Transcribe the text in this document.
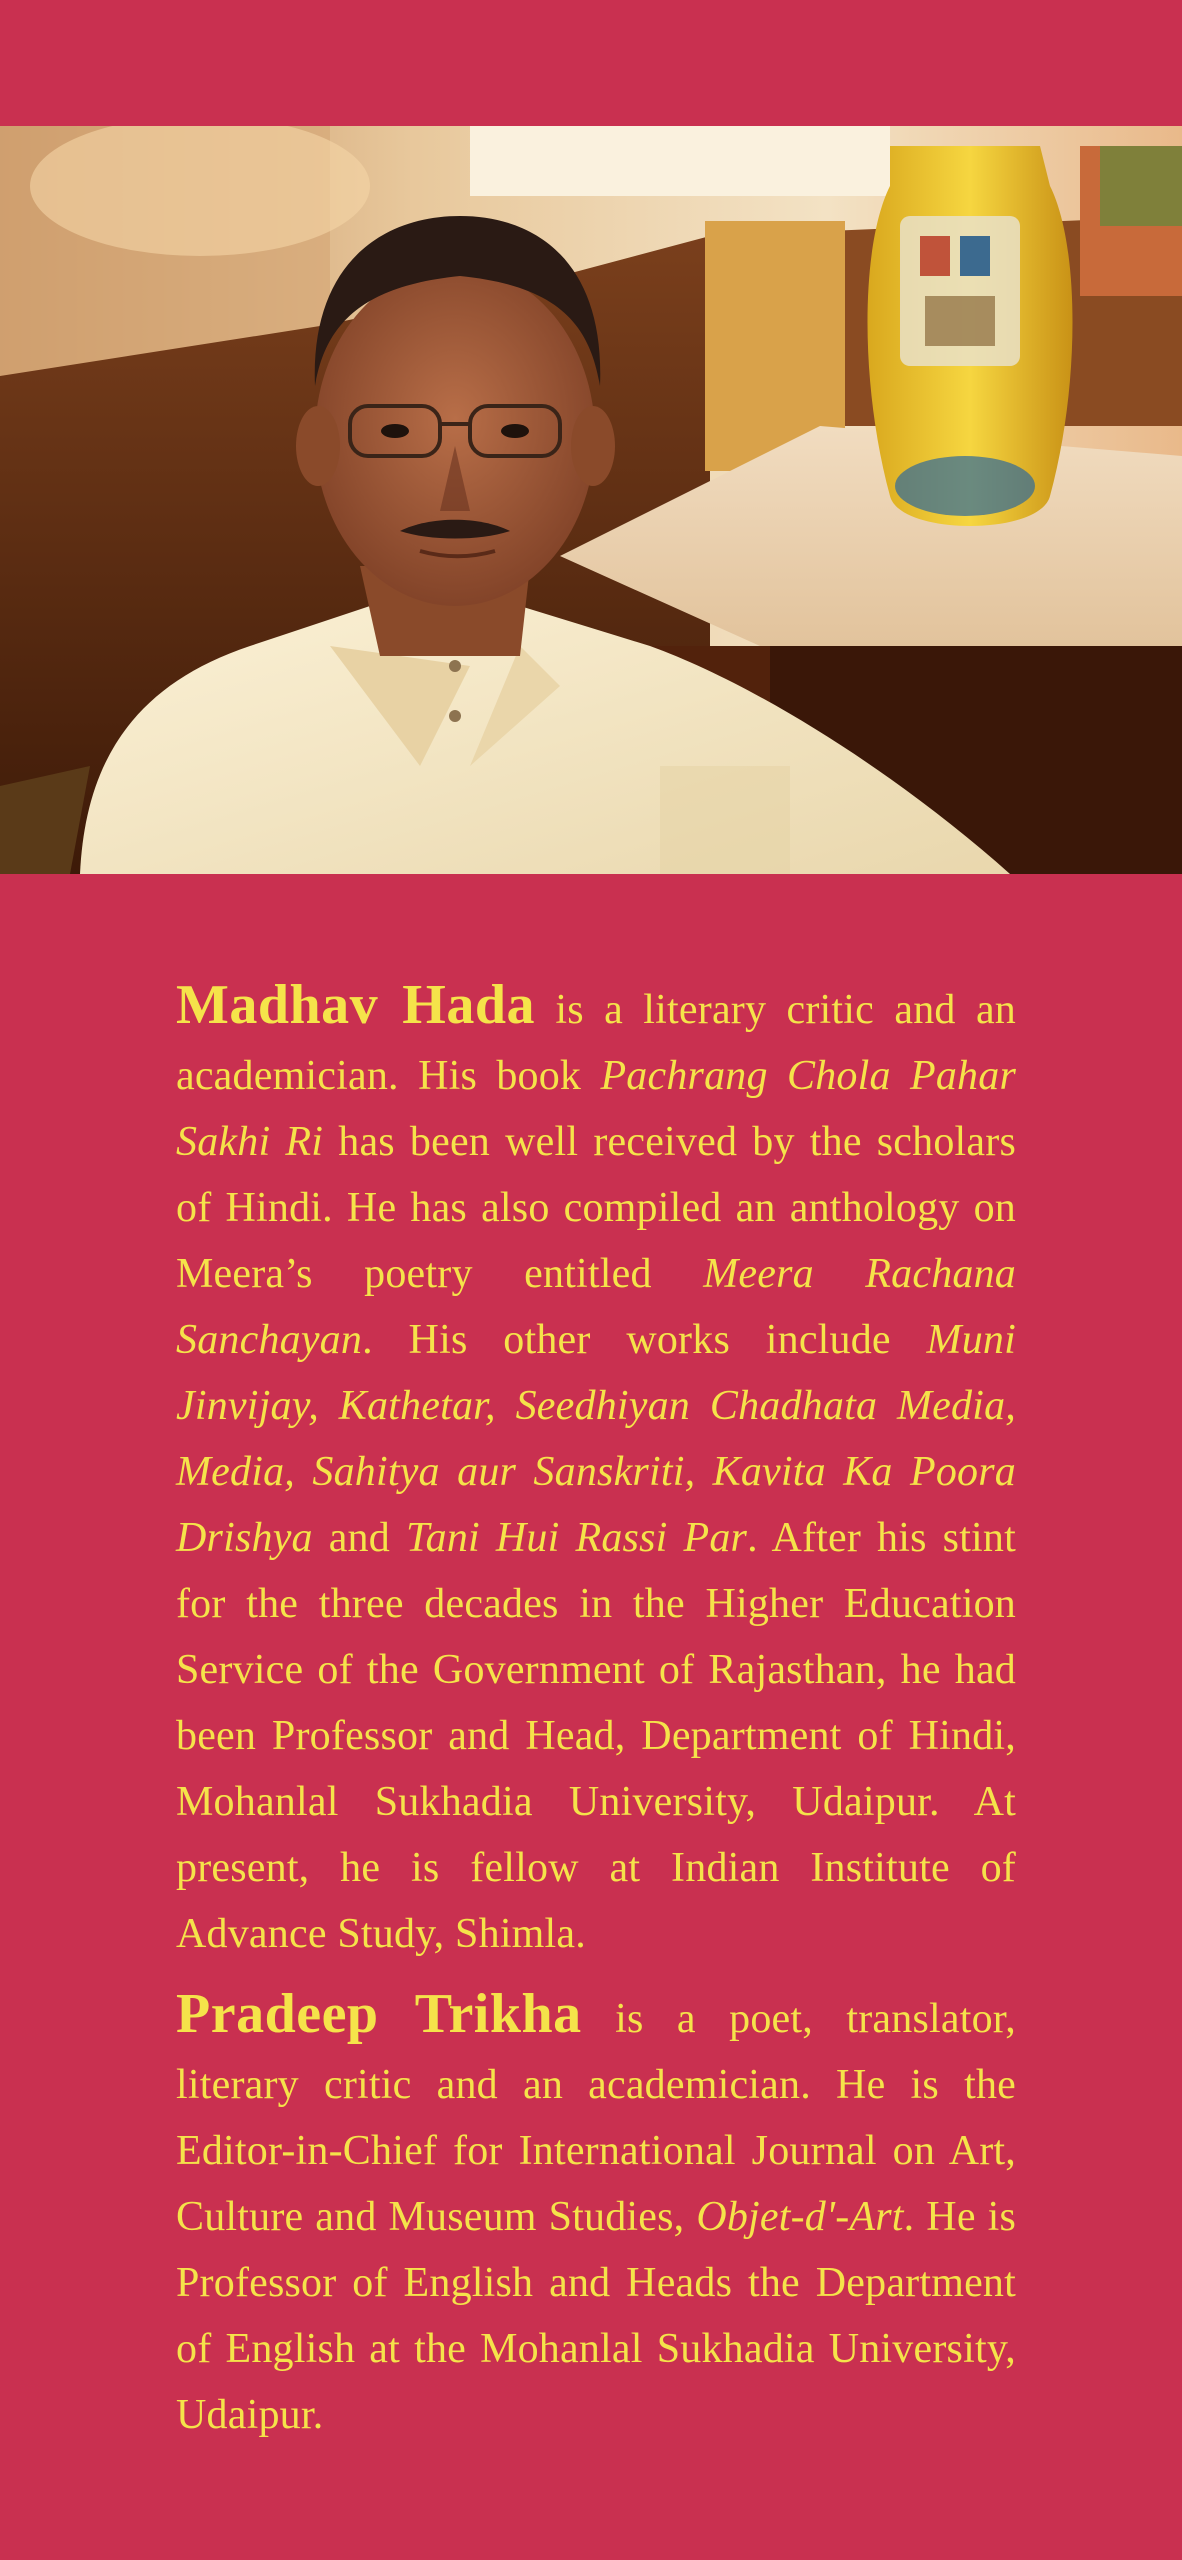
Madhav Hada is a literary critic and an academician. His book Pachrang Chola Pahar Sakhi Ri has been well received by the scholars of Hindi. He has also compiled an anthology on Meera’s poetry entitled Meera Rachana Sanchayan. His other works include Muni Jinvijay, Kathetar, Seedhiyan Chadhata Media, Media, Sahitya aur Sanskriti, Kavita Ka Poora Drishya and Tani Hui Rassi Par. After his stint for the three decades in the Higher Education Service of the Government of Rajasthan, he had been Professor and Head, Department of Hindi, Mohanlal Sukhadia University, Udaipur. At present, he is fellow at Indian Institute of Advance Study, Shimla.

Pradeep Trikha is a poet, translator, literary critic and an academician. He is the Editor-in-Chief for International Journal on Art, Culture and Museum Studies, Objet-d'-Art. He is Professor of English and Heads the Department of English at the Mohanlal Sukhadia University, Udaipur.
